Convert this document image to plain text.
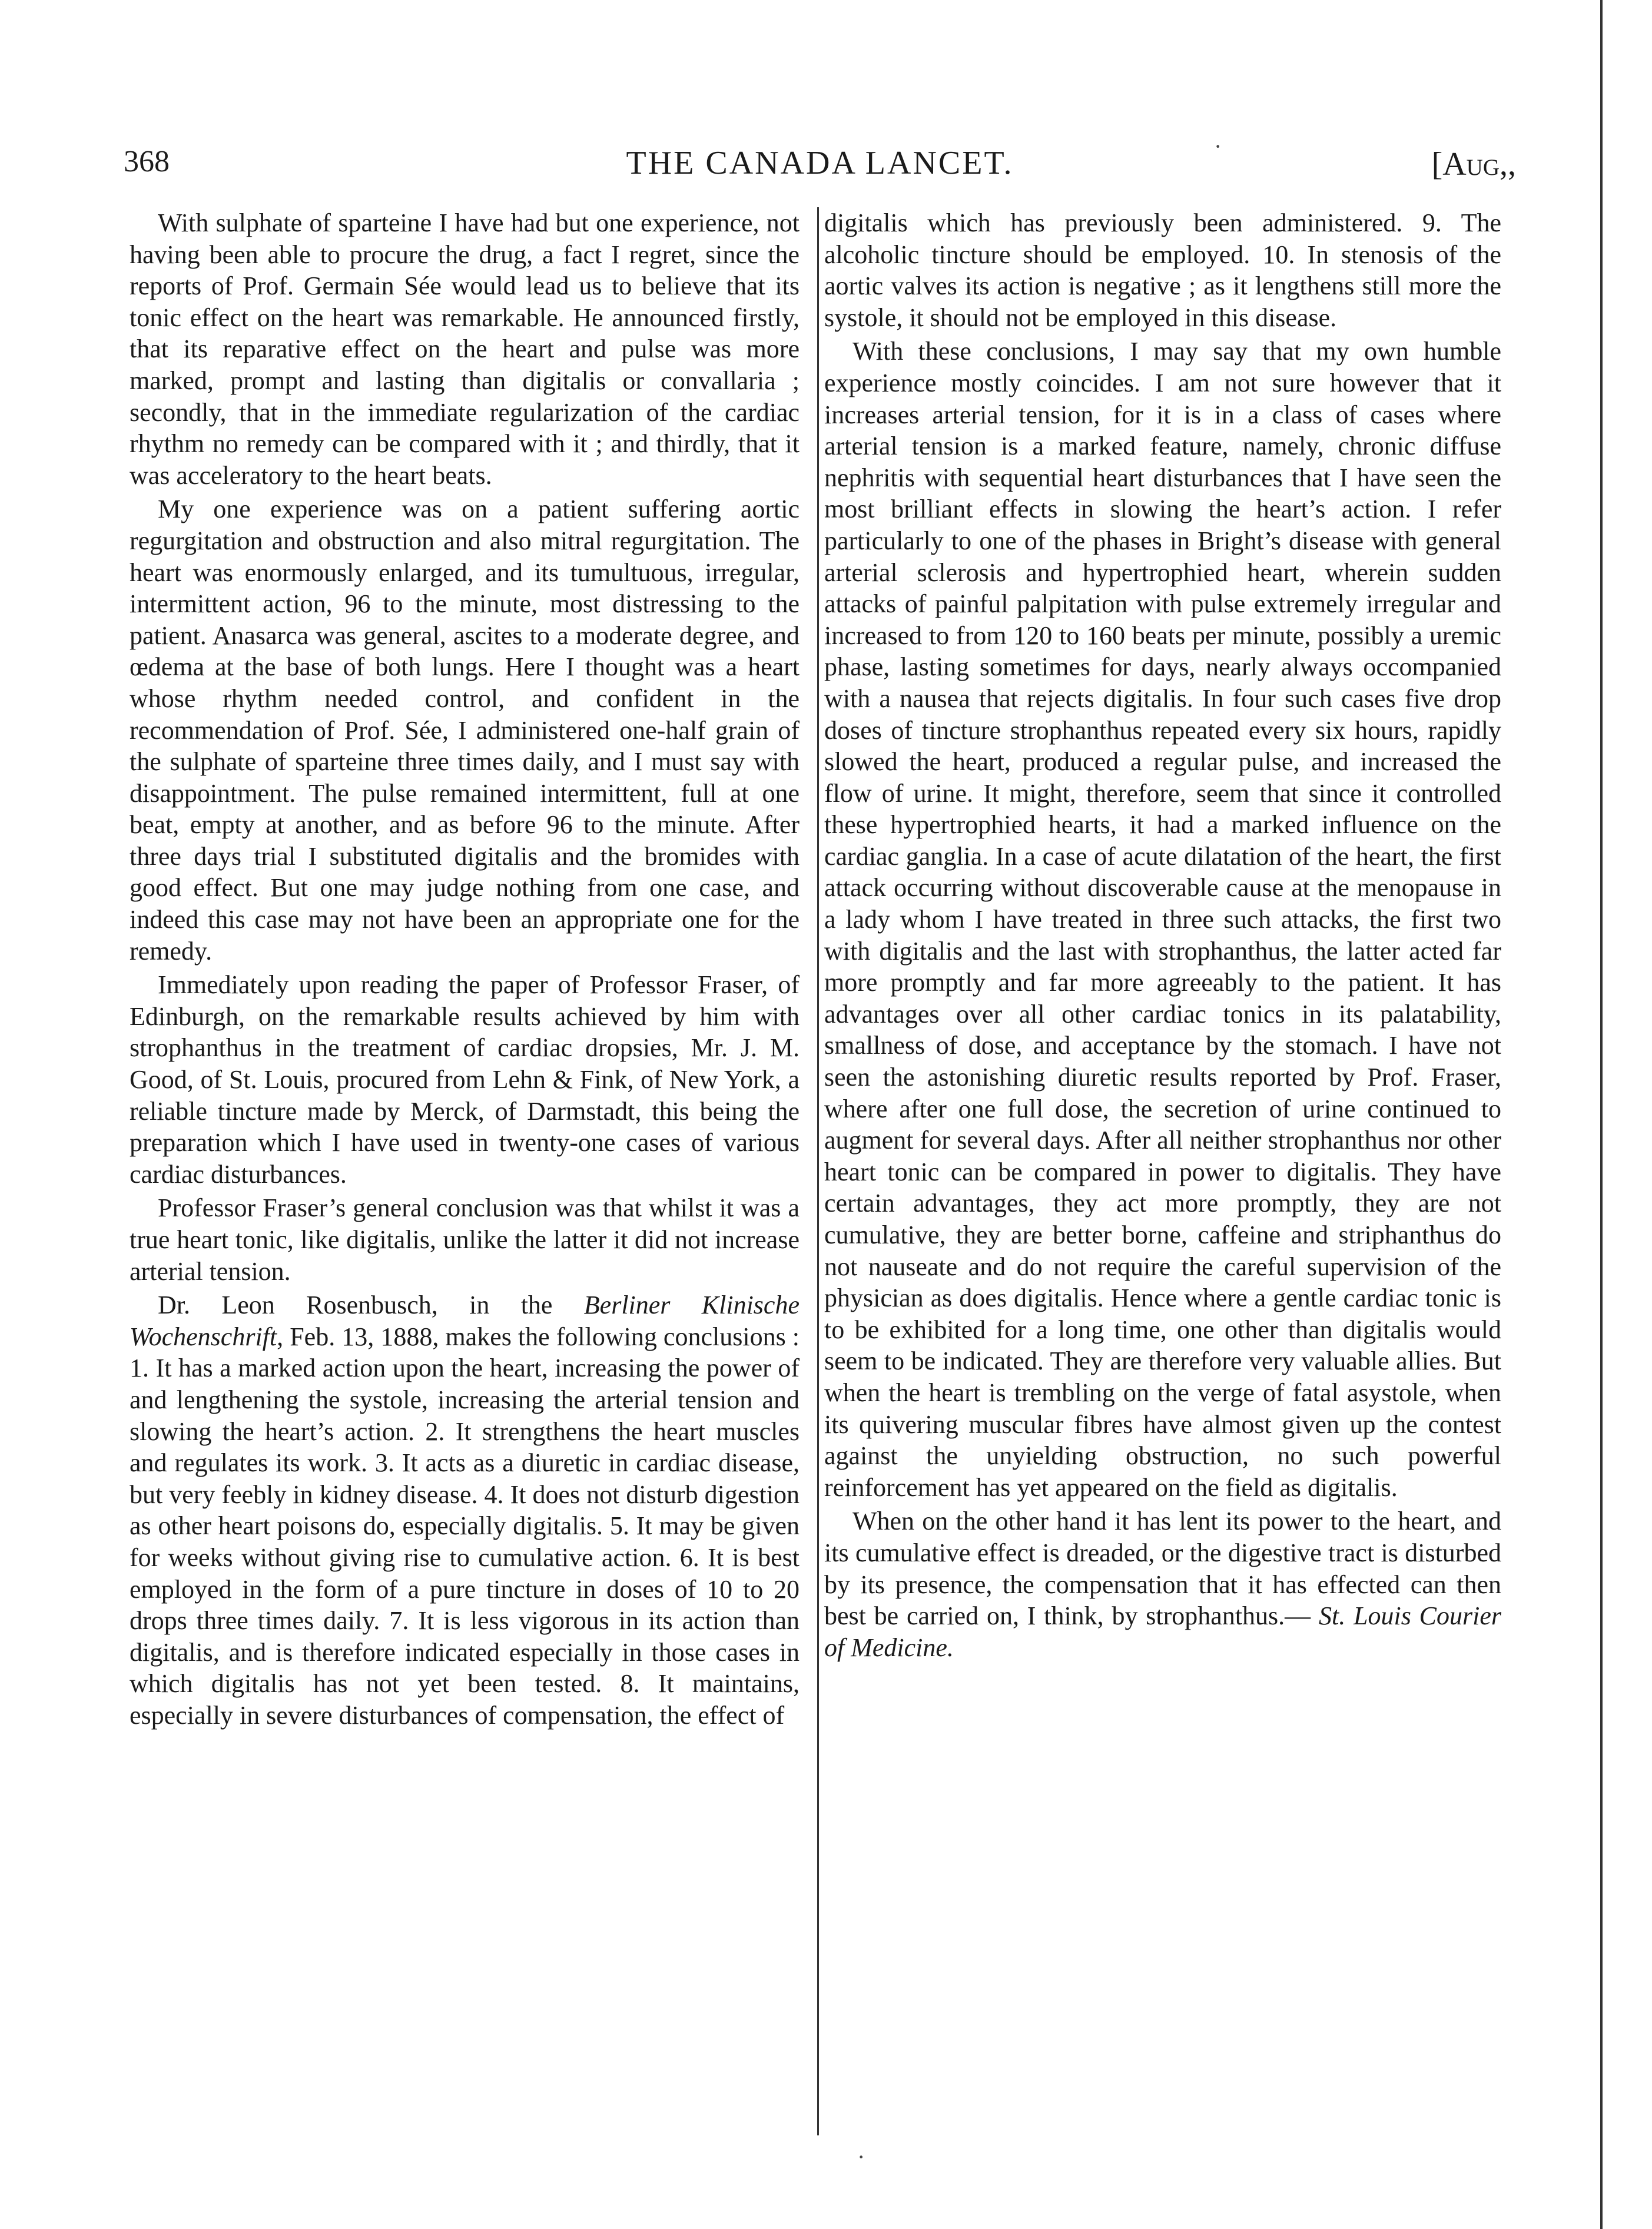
368	THE CANADA LANCET.	[Aug,,

With sulphate of sparteine I have had but one experience, not having been able to procure the drug, a fact I regret, since the reports of Prof. Germain Sée would lead us to believe that its tonic effect on the heart was remarkable. He announced firstly, that its reparative effect on the heart and pulse was more marked, prompt and lasting than digitalis or convallaria ; secondly, that in the immediate regularization of the cardiac rhythm no remedy can be compared with it ; and thirdly, that it was acceleratory to the heart beats.

My one experience was on a patient suffering aortic regurgitation and obstruction and also mitral regurgitation. The heart was enormously enlarged, and its tumultuous, irregular, intermittent action, 96 to the minute, most distressing to the patient. Anasarca was general, ascites to a moderate degree, and œdema at the base of both lungs. Here I thought was a heart whose rhythm needed control, and confident in the recommendation of Prof. Sée, I administered one-half grain of the sulphate of sparteine three times daily, and I must say with disappointment. The pulse remained intermittent, full at one beat, empty at another, and as before 96 to the minute. After three days trial I substituted digitalis and the bromides with good effect. But one may judge nothing from one case, and indeed this case may not have been an appropriate one for the remedy.

Immediately upon reading the paper of Professor Fraser, of Edinburgh, on the remarkable results achieved by him with strophanthus in the treatment of cardiac dropsies, Mr. J. M. Good, of St. Louis, procured from Lehn & Fink, of New York, a reliable tincture made by Merck, of Darmstadt, this being the preparation which I have used in twenty-one cases of various cardiac disturbances.

Professor Fraser’s general conclusion was that whilst it was a true heart tonic, like digitalis, unlike the latter it did not increase arterial tension.

Dr. Leon Rosenbusch, in the Berliner Klinische Wochenschrift, Feb. 13, 1888, makes the following conclusions : 1. It has a marked action upon the heart, increasing the power of and lengthening the systole, increasing the arterial tension and slowing the heart’s action. 2. It strengthens the heart muscles and regulates its work. 3. It acts as a diuretic in cardiac disease, but very feebly in kidney disease. 4. It does not disturb digestion as other heart poisons do, especially digitalis. 5. It may be given for weeks without giving rise to cumulative action. 6. It is best employed in the form of a pure tincture in doses of 10 to 20 drops three times daily. 7. It is less vigorous in its action than digitalis, and is therefore indicated especially in those cases in which digitalis has not yet been tested. 8. It maintains, especially in severe disturbances of compensation, the effect of

digitalis which has previously been administered. 9. The alcoholic tincture should be employed. 10. In stenosis of the aortic valves its action is negative ; as it lengthens still more the systole, it should not be employed in this disease.

With these conclusions, I may say that my own humble experience mostly coincides. I am not sure however that it increases arterial tension, for it is in a class of cases where arterial tension is a marked feature, namely, chronic diffuse nephritis with sequential heart disturbances that I have seen the most brilliant effects in slowing the heart’s action. I refer particularly to one of the phases in Bright’s disease with general arterial sclerosis and hypertrophied heart, wherein sudden attacks of painful palpitation with pulse extremely irregular and increased to from 120 to 160 beats per minute, possibly a uremic phase, lasting sometimes for days, nearly always occompanied with a nausea that rejects digitalis. In four such cases five drop doses of tincture strophanthus repeated every six hours, rapidly slowed the heart, produced a regular pulse, and increased the flow of urine. It might, therefore, seem that since it controlled these hypertrophied hearts, it had a marked influence on the cardiac ganglia. In a case of acute dilatation of the heart, the first attack occurring without discoverable cause at the menopause in a lady whom I have treated in three such attacks, the first two with digitalis and the last with strophanthus, the latter acted far more promptly and far more agreeably to the patient. It has advantages over all other cardiac tonics in its palatability, smallness of dose, and acceptance by the stomach. I have not seen the astonishing diuretic results reported by Prof. Fraser, where after one full dose, the secretion of urine continued to augment for several days. After all neither strophanthus nor other heart tonic can be compared in power to digitalis. They have certain advantages, they act more promptly, they are not cumulative, they are better borne, caffeine and striphanthus do not nauseate and do not require the careful supervision of the physician as does digitalis. Hence where a gentle cardiac tonic is to be exhibited for a long time, one other than digitalis would seem to be indicated. They are therefore very valuable allies. But when the heart is trembling on the verge of fatal asystole, when its quivering muscular fibres have almost given up the contest against the unyielding obstruction, no such powerful reinforcement has yet appeared on the field as digitalis.

When on the other hand it has lent its power to the heart, and its cumulative effect is dreaded, or the digestive tract is disturbed by its presence, the compensation that it has effected can then best be carried on, I think, by strophanthus.— St. Louis Courier of Medicine.

·
·
